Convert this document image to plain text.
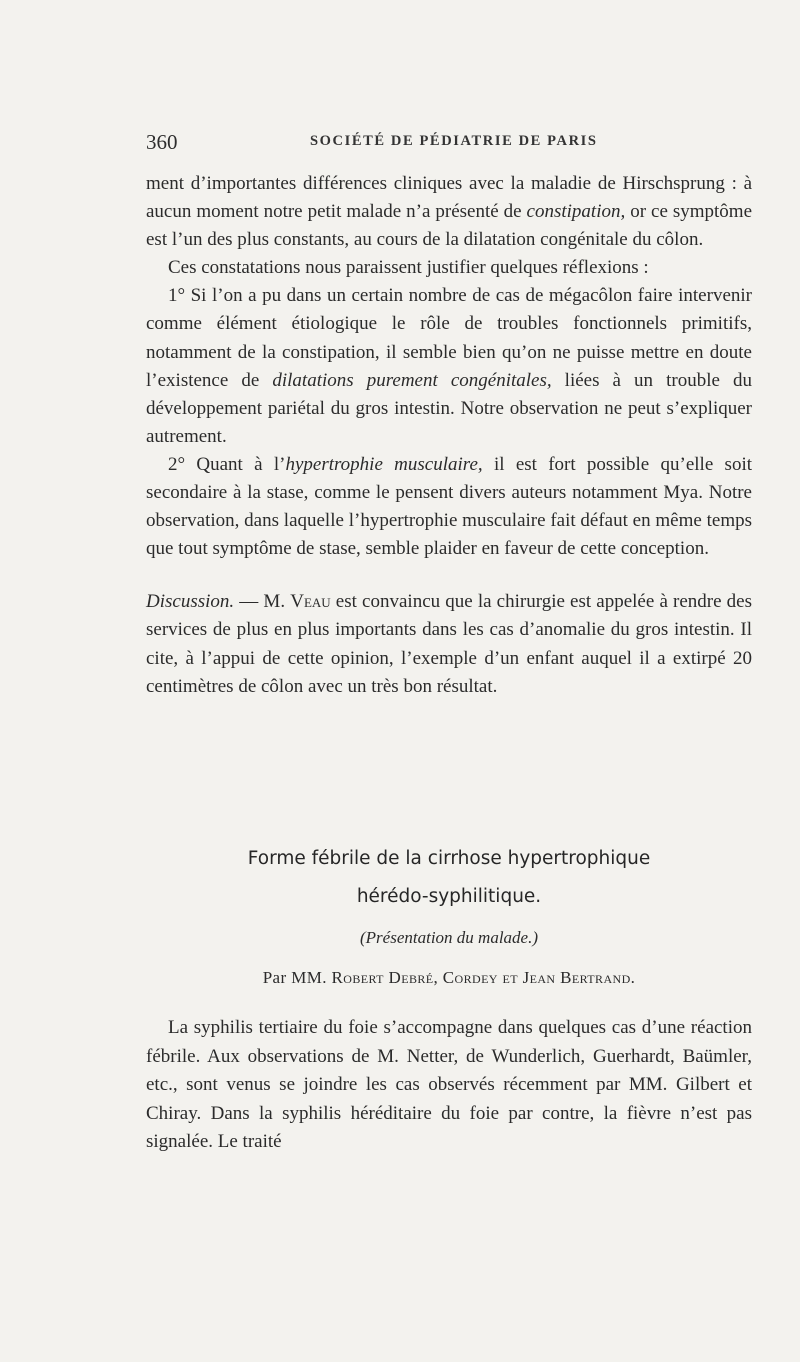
360	SOCIÉTÉ DE PÉDIATRIE DE PARIS

ment d’importantes différences cliniques avec la maladie de Hirschsprung : à aucun moment notre petit malade n’a présenté de constipation, or ce symptôme est l’un des plus constants, au cours de la dilatation congénitale du côlon.

Ces constatations nous paraissent justifier quelques réflexions :

1° Si l’on a pu dans un certain nombre de cas de mégacôlon faire intervenir comme élément étiologique le rôle de troubles fonctionnels primitifs, notamment de la constipation, il semble bien qu’on ne puisse mettre en doute l’existence de dilatations purement congénitales, liées à un trouble du développement pariétal du gros intestin. Notre observation ne peut s’expliquer autrement.

2° Quant à l’hypertrophie musculaire, il est fort possible qu’elle soit secondaire à la stase, comme le pensent divers auteurs notamment Mya. Notre observation, dans laquelle l’hypertrophie musculaire fait défaut en même temps que tout symptôme de stase, semble plaider en faveur de cette conception.

Discussion. — M. Veau est convaincu que la chirurgie est appelée à rendre des services de plus en plus importants dans les cas d’anomalie du gros intestin. Il cite, à l’appui de cette opinion, l’exemple d’un enfant auquel il a extirpé 20 centimètres de côlon avec un très bon résultat.

Forme fébrile de la cirrhose hypertrophique
hérédo-syphilitique.
(Présentation du malade.)
Par MM. Robert Debré, Cordey et Jean Bertrand.

La syphilis tertiaire du foie s’accompagne dans quelques cas d’une réaction fébrile. Aux observations de M. Netter, de Wunderlich, Guerhardt, Baümler, etc., sont venus se joindre les cas observés récemment par MM. Gilbert et Chiray. Dans la syphilis héréditaire du foie par contre, la fièvre n’est pas signalée. Le traité
